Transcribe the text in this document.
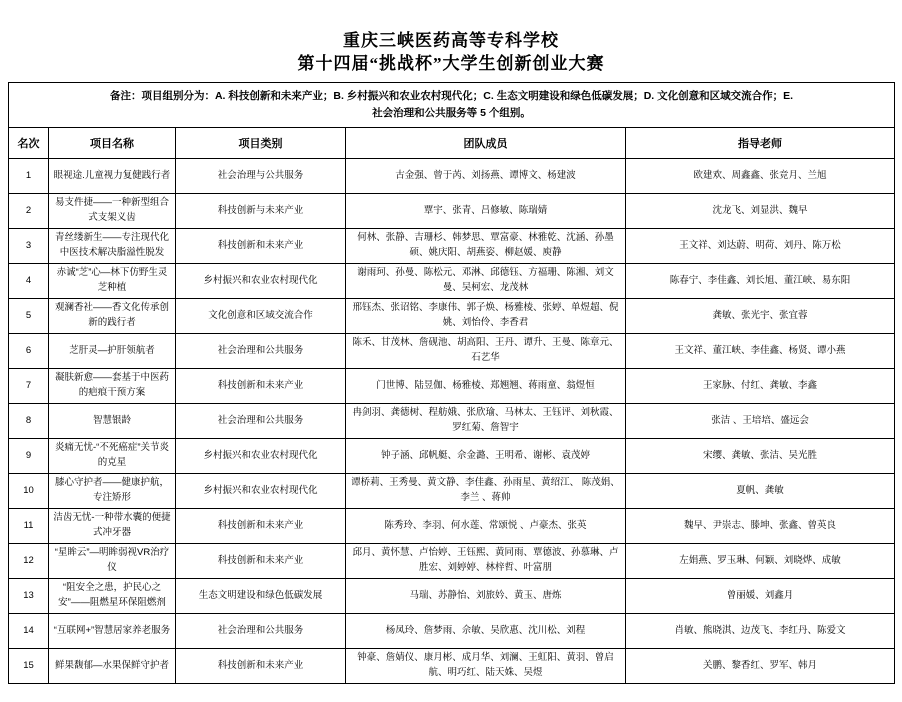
重庆三峡医药高等专科学校
第十四届“挑战杯”大学生创新创业大赛
备注：项目组别分为：A. 科技创新和未来产业；B. 乡村振兴和农业农村现代化；C. 生态文明建设和绿色低碳发展；D. 文化创意和区域交流合作；E.
社会治理和公共服务等 5 个组别。				
名次	项目名称	项目类别	团队成员	指导老师
1	眼视途.儿童视力复健践行者	社会治理与公共服务	古金强、曾于芮、刘扬燕、谭博文、杨建波	欧建欢、周鑫鑫、张竞月、兰旭
2	易支件捷——一种新型组合式支架义齿	科技创新与未来产业	覃宇、张青、吕修敏、陈瑞婧	沈龙飞、刘显洪、魏早
3	青丝缕新生——专注现代化中医技术解决脂溢性脱发	科技创新和未来产业	何林、张静、吉珊杉、韩梦思、覃富豪、林雅乾、沈涵、孙墨硕、姚庆阳、胡燕姿、柳赵媛、庾静	王文祥、刘达蔚、明荷、刘丹、陈万松
4	赤诚“芝”心—林下仿野生灵芝种植	乡村振兴和农业农村现代化	谢雨珂、孙曼、陈松元、邓淋、邱德钰、方福珊、陈湘、刘文曼、吴柯宏、龙茂林	陈春宁、李佳鑫、刘长旭、董江峡、易东阳
5	观澜香社——香文化传承创新的践行者	文化创意和区域交流合作	邢钰杰、张诏铭、李康伟、郭子焕、杨雅棱、张婷、单煜超、倪姚、刘怡伶、李香君	龚敏、张光宇、张宜蓉
6	芝肝灵—护肝领航者	社会治理和公共服务	陈禾、甘茂林、詹砚池、胡高阳、王丹、谭升、王曼、陈章元、石艺华	王文祥、董江峡、李佳鑫、杨贤、谭小燕
7	凝肤新愈——套基于中医药的疤痕干预方案	科技创新和未来产业	门世博、陆昱伽、杨雅棱、郑翘翘、蒋雨童、翁煜恒	王家脉、付红、龚敏、李鑫
8	智慧银龄	社会治理和公共服务	冉剑羽、龚德树、程舫娥、张欣瑜、马林太、王钰评、刘秋霞、罗红菊、詹智宇	张洁 、王培培、盛远会
9	炎痛无忧-“不死癌症”关节炎的克星	乡村振兴和农业农村现代化	钟子涵、邱帆艇、佘金潞、王明希、谢彬、袁茂婷	宋缨、龚敏、张洁、吴光胜
10	膝心守护者——健康护航，专注矫形	乡村振兴和农业农村现代化	谭桥莉、王秀曼、黄文静、李佳鑫、孙雨星、黄绍江、 陈茂娟、 李兰 、蒋帅	夏帆、龚敏
11	洁齿无忧-一种带水囊的便捷式冲牙器	科技创新和未来产业	陈秀玲、李羽、何水莲、常颂悦 、卢豪杰、张英	魏早、尹崇志、滕坤、张鑫、曾英良
12	“星眸云”—明眸弱视VR治疗仪	科技创新和未来产业	邱月、黄怀慧、卢怡婷、王钰熙、黄同雨、覃德波、孙慕琳、卢胜宏、刘婷婷、林梓哲、叶富朋	左娟燕、罗玉琳、何颖、刘晓烨、成敏
13	“阻安全之患，护民心之安”——阻燃星环保阻燃剂	生态文明建设和绿色低碳发展	马瑞、苏静怡、刘旅妗、黄玉、唐炼	曾丽媛、刘鑫月
14	“互联网+”智慧居家养老服务	社会治理和公共服务	杨凤玲、詹梦雨、佘敏、吴欣惠、沈川松、刘程	肖敏、熊晓淇、边茂飞、李红丹、陈爱文
15	鲜果馥郁—水果保鲜守护者	科技创新和未来产业	钟豪、詹婧仪、康月彬、成月华、刘澜、王虹阳、黄羽、曾启航、明巧红、陆天姝、吴煜	关鹏、黎香红、罗军、韩月
